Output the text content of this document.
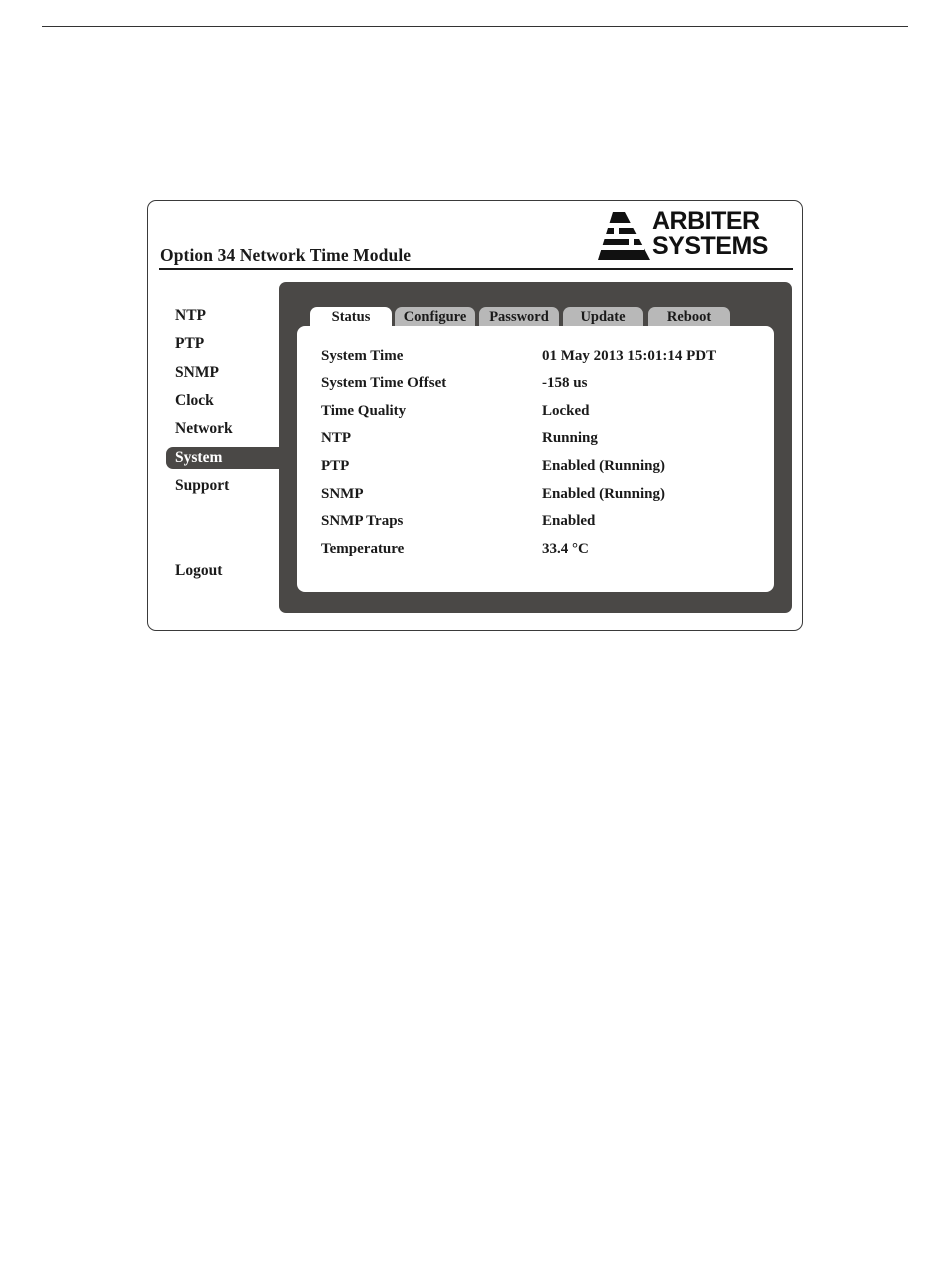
Option 34 Network Time Module
ARBITER
SYSTEMS
NTP
PTP
SNMP
Clock
Network
System
Support
Logout
Status	Configure	Password	Update	Reboot
System Time	01 May 2013 15:01:14 PDT
System Time Offset	-158 us
Time Quality	Locked
NTP	Running
PTP	Enabled (Running)
SNMP	Enabled (Running)
SNMP Traps	Enabled
Temperature	33.4 °C
